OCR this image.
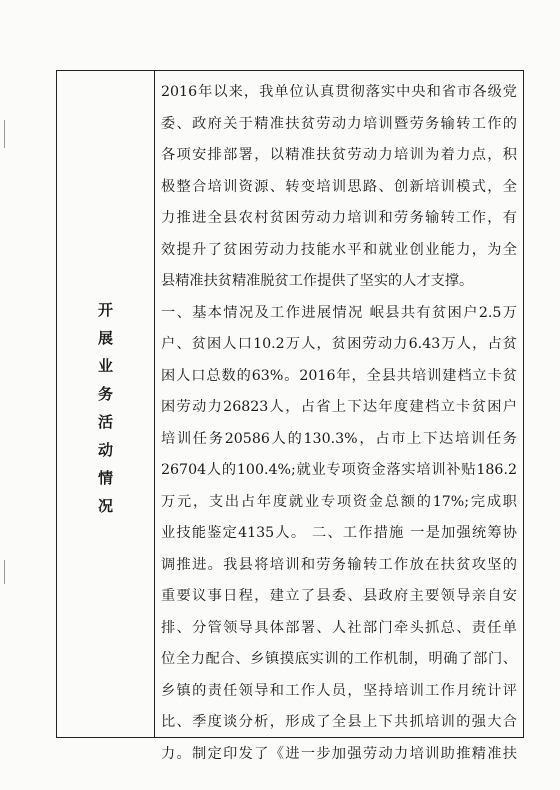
开展业务活动情况
2016年以来，我单位认真贯彻落实中央和省市各级党
委、政府关于精准扶贫劳动力培训暨劳务输转工作的
各项安排部署，以精准扶贫劳动力培训为着力点，积
极整合培训资源、转变培训思路、创新培训模式，全
力推进全县农村贫困劳动力培训和劳务输转工作，有
效提升了贫困劳动力技能水平和就业创业能力，为全
县精准扶贫精准脱贫工作提供了坚实的人才支撑。
一、基本情况及工作进展情况 岷县共有贫困户2.5万
户、贫困人口10.2万人，贫困劳动力6.43万人，占贫
困人口总数的63%。2016年，全县共培训建档立卡贫
困劳动力26823人，占省上下达年度建档立卡贫困户
培训任务20586人的130.3%，占市上下达培训任务
26704人的100.4%;就业专项资金落实培训补贴186.2
万元，支出占年度就业专项资金总额的17%;完成职
业技能鉴定4135人。 二、工作措施 一是加强统筹协
调推进。我县将培训和劳务输转工作放在扶贫攻坚的
重要议事日程，建立了县委、县政府主要领导亲自安
排、分管领导具体部署、人社部门牵头抓总、责任单
位全力配合、乡镇摸底实训的工作机制，明确了部门、
乡镇的责任领导和工作人员，坚持培训工作月统计评
比、季度谈分析，形成了全县上下共抓培训的强大合
力。制定印发了《进一步加强劳动力培训助推精准扶
